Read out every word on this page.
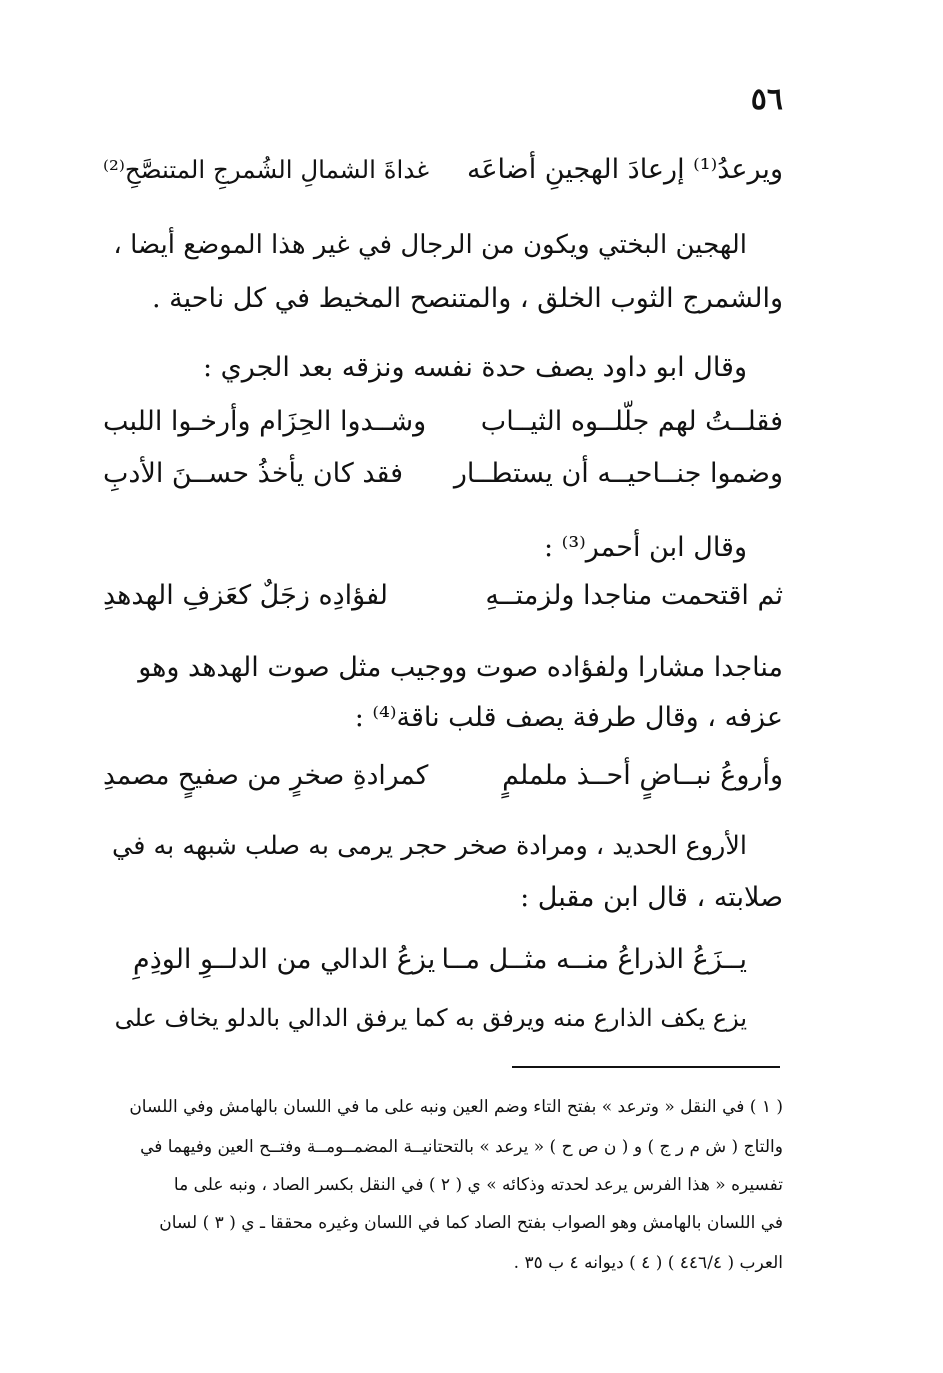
٥٦
ويرعدُ⁽¹⁾ إرعادَ الهجينِ أضاعَه
غداةَ الشمالِ الشُمرجِ المتنصَّحِ⁽²⁾
الهجين البختي ويكون من الرجال في غير هذا الموضع أيضا ،
والشمرج الثوب الخلق ، والمتنصح المخيط في كل ناحية .
وقال ابو داود يصف حدة نفسه ونزقه بعد الجري :
فقلــتُ لهم جلّلــوه الثيــاب
وشــدوا الحِزَام وأرخـوا اللبب
وضموا جنــاحيــه أن يستطــار
فقد كان يأخذُ حســنَ الأدبِ
وقال ابن أحمر⁽³⁾ :
ثم اقتحمت مناجدا ولزمتــهِ
لفؤادِه زجَلٌ كعَزفِ الهدهدِ
مناجدا مشارا ولفؤاده صوت ووجيب مثل صوت الهدهد وهو
عزفه ، وقال طرفة يصف قلب ناقة⁽⁴⁾ :
وأروعُ نبــاضٍ أحــذ ململمٍ
كمرادةِ صخرٍ من صفيحٍ مصمدِ
الأروع الحديد ، ومرادة صخر حجر يرمى به صلب شبهه به في
صلابته ، قال ابن مقبل :
يــزَعُ الذراعُ منــه مثــل مــا
يزعُ الدالي من الدلــوِ الوذِمِ
يزع يكف الذارع منه ويرفق به كما يرفق الدالي بالدلو يخاف على
( ١ ) في النقل « وترعد » بفتح التاء وضم العين ونبه على ما في اللسان بالهامش وفي اللسان
والتاج ( ش م ر ج ) و ( ن ص ح ) « يرعد » بالتحتانيــة المضمــومــة وفتــح العين وفيهما في
تفسيره « هذا الفرس يرعد لحدته وذكائه » ي ( ٢ ) في النقل بكسر الصاد ، ونبه على ما
في اللسان بالهامش وهو الصواب بفتح الصاد كما في اللسان وغيره محققا ـ ي ( ٣ ) لسان
العرب ( ٤٤٦/٤ ) ( ٤ ) ديوانه ٤ ب ٣٥ .
